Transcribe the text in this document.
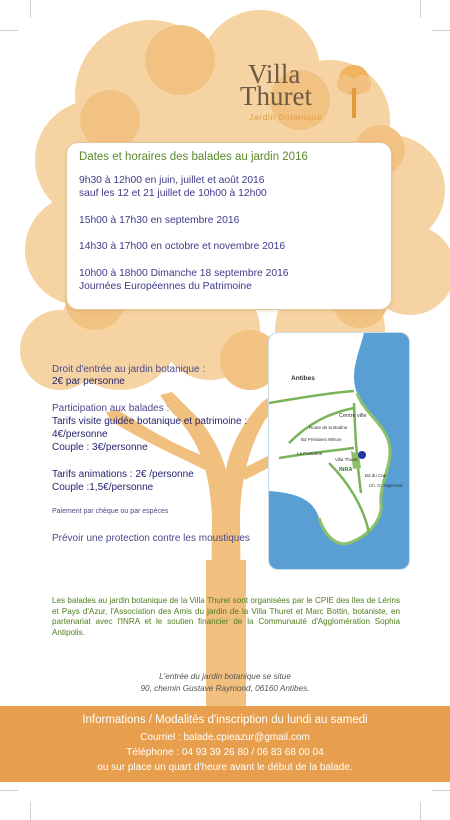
Villa
Thuret
Jardin Botanique
Dates et horaires des balades au jardin 2016
9h30 à 12h00 en juin, juillet et août 2016
sauf les 12 et 21 juillet de 10h00 à 12h00
15h00 à 17h30 en septembre 2016
14h30 à 17h00 en octobre et novembre 2016
10h00 à 18h00 Dimanche 18 septembre 2016
Journées Européennes du Patrimoine
Droit d'entrée au jardin botanique :
2€ par personne
Participation aux balades :
Tarifs visite guidée botanique et patrimoine :
4€/personne
Couple : 3€/personne
Tarifs animations : 2€ /personne
Couple :1,5€/personne
Paiement par chèque ou par espèces
Prévoir une protection contre les moustiques
Antibes
Centre ville
Route de la Badine
Bd Président Wilson
La Fontonne
Villa Thuret
INRA
Bd du Cap
Ch. G. Raymond
Les balades au jardin botanique de la Villa Thuret sont organisées par le CPIE des Iles de Lérins et Pays d'Azur, l'Association des Amis du jardin de la Villa Thuret et Marc Bottin, botaniste, en partenariat avec l'INRA et le soutien financier de la Communauté d'Agglomération Sophia Antipolis.
L'entrée du jardin botanique se situe
90, chemin Gustave Raymond, 06160 Antibes.
Informations / Modalités d'inscription du lundi au samedi
Courriel : balade.cpieazur@gmail.com
Téléphone : 04 93 39 26 80 / 06 83 68 00 04
ou sur place un quart d'heure avant le début de la balade.
